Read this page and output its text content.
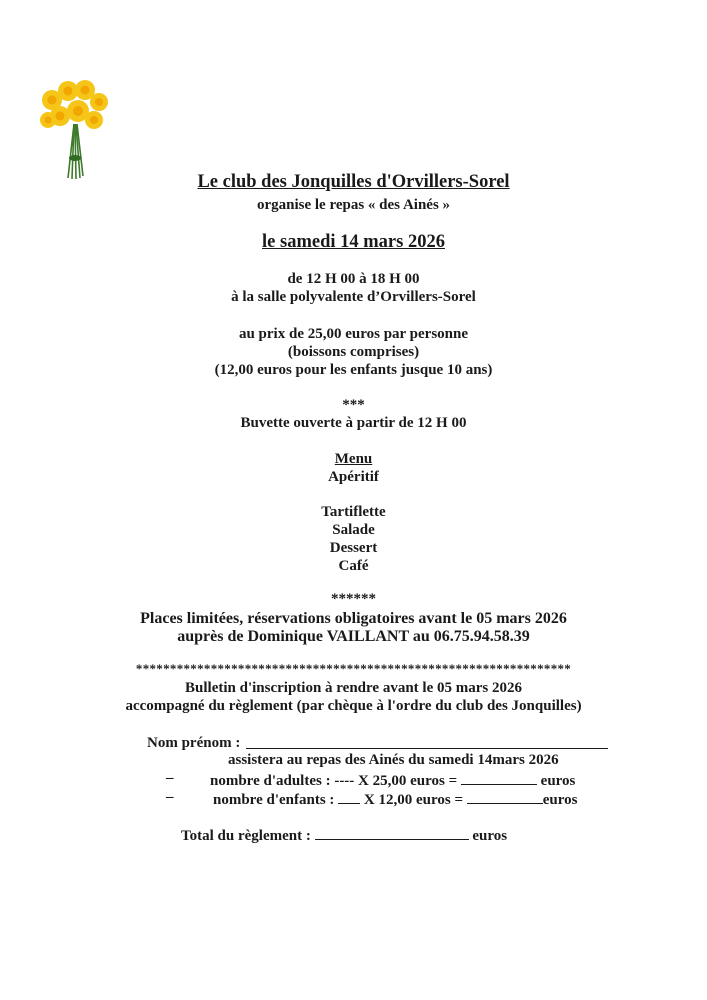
Le club des Jonquilles d'Orvillers-Sorel
organise le repas « des Ainés »
le samedi 14 mars 2026
de 12 H 00 à 18 H 00
à la salle polyvalente d’Orvillers-Sorel
au prix de 25,00 euros par personne
(boissons comprises)
(12,00 euros pour les enfants jusque 10 ans)
***
Buvette ouverte à partir de 12 H 00
Menu
Apéritif
Tartiflette
Salade
Dessert
Café
******
Places limitées, réservations obligatoires avant le 05 mars 2026
auprès de Dominique VAILLANT au 06.75.94.58.39
****************************************************************
Bulletin d'inscription à rendre avant le 05 mars 2026
accompagné du règlement (par chèque à l'ordre du club des Jonquilles)
Nom prénom :
assistera au repas des Ainés du samedi 14mars 2026
– nombre d'adultes : ---- X 25,00 euros =	euros
–	nombre d'enfants : X 12,00 euros =	euros
Total du règlement :	euros
